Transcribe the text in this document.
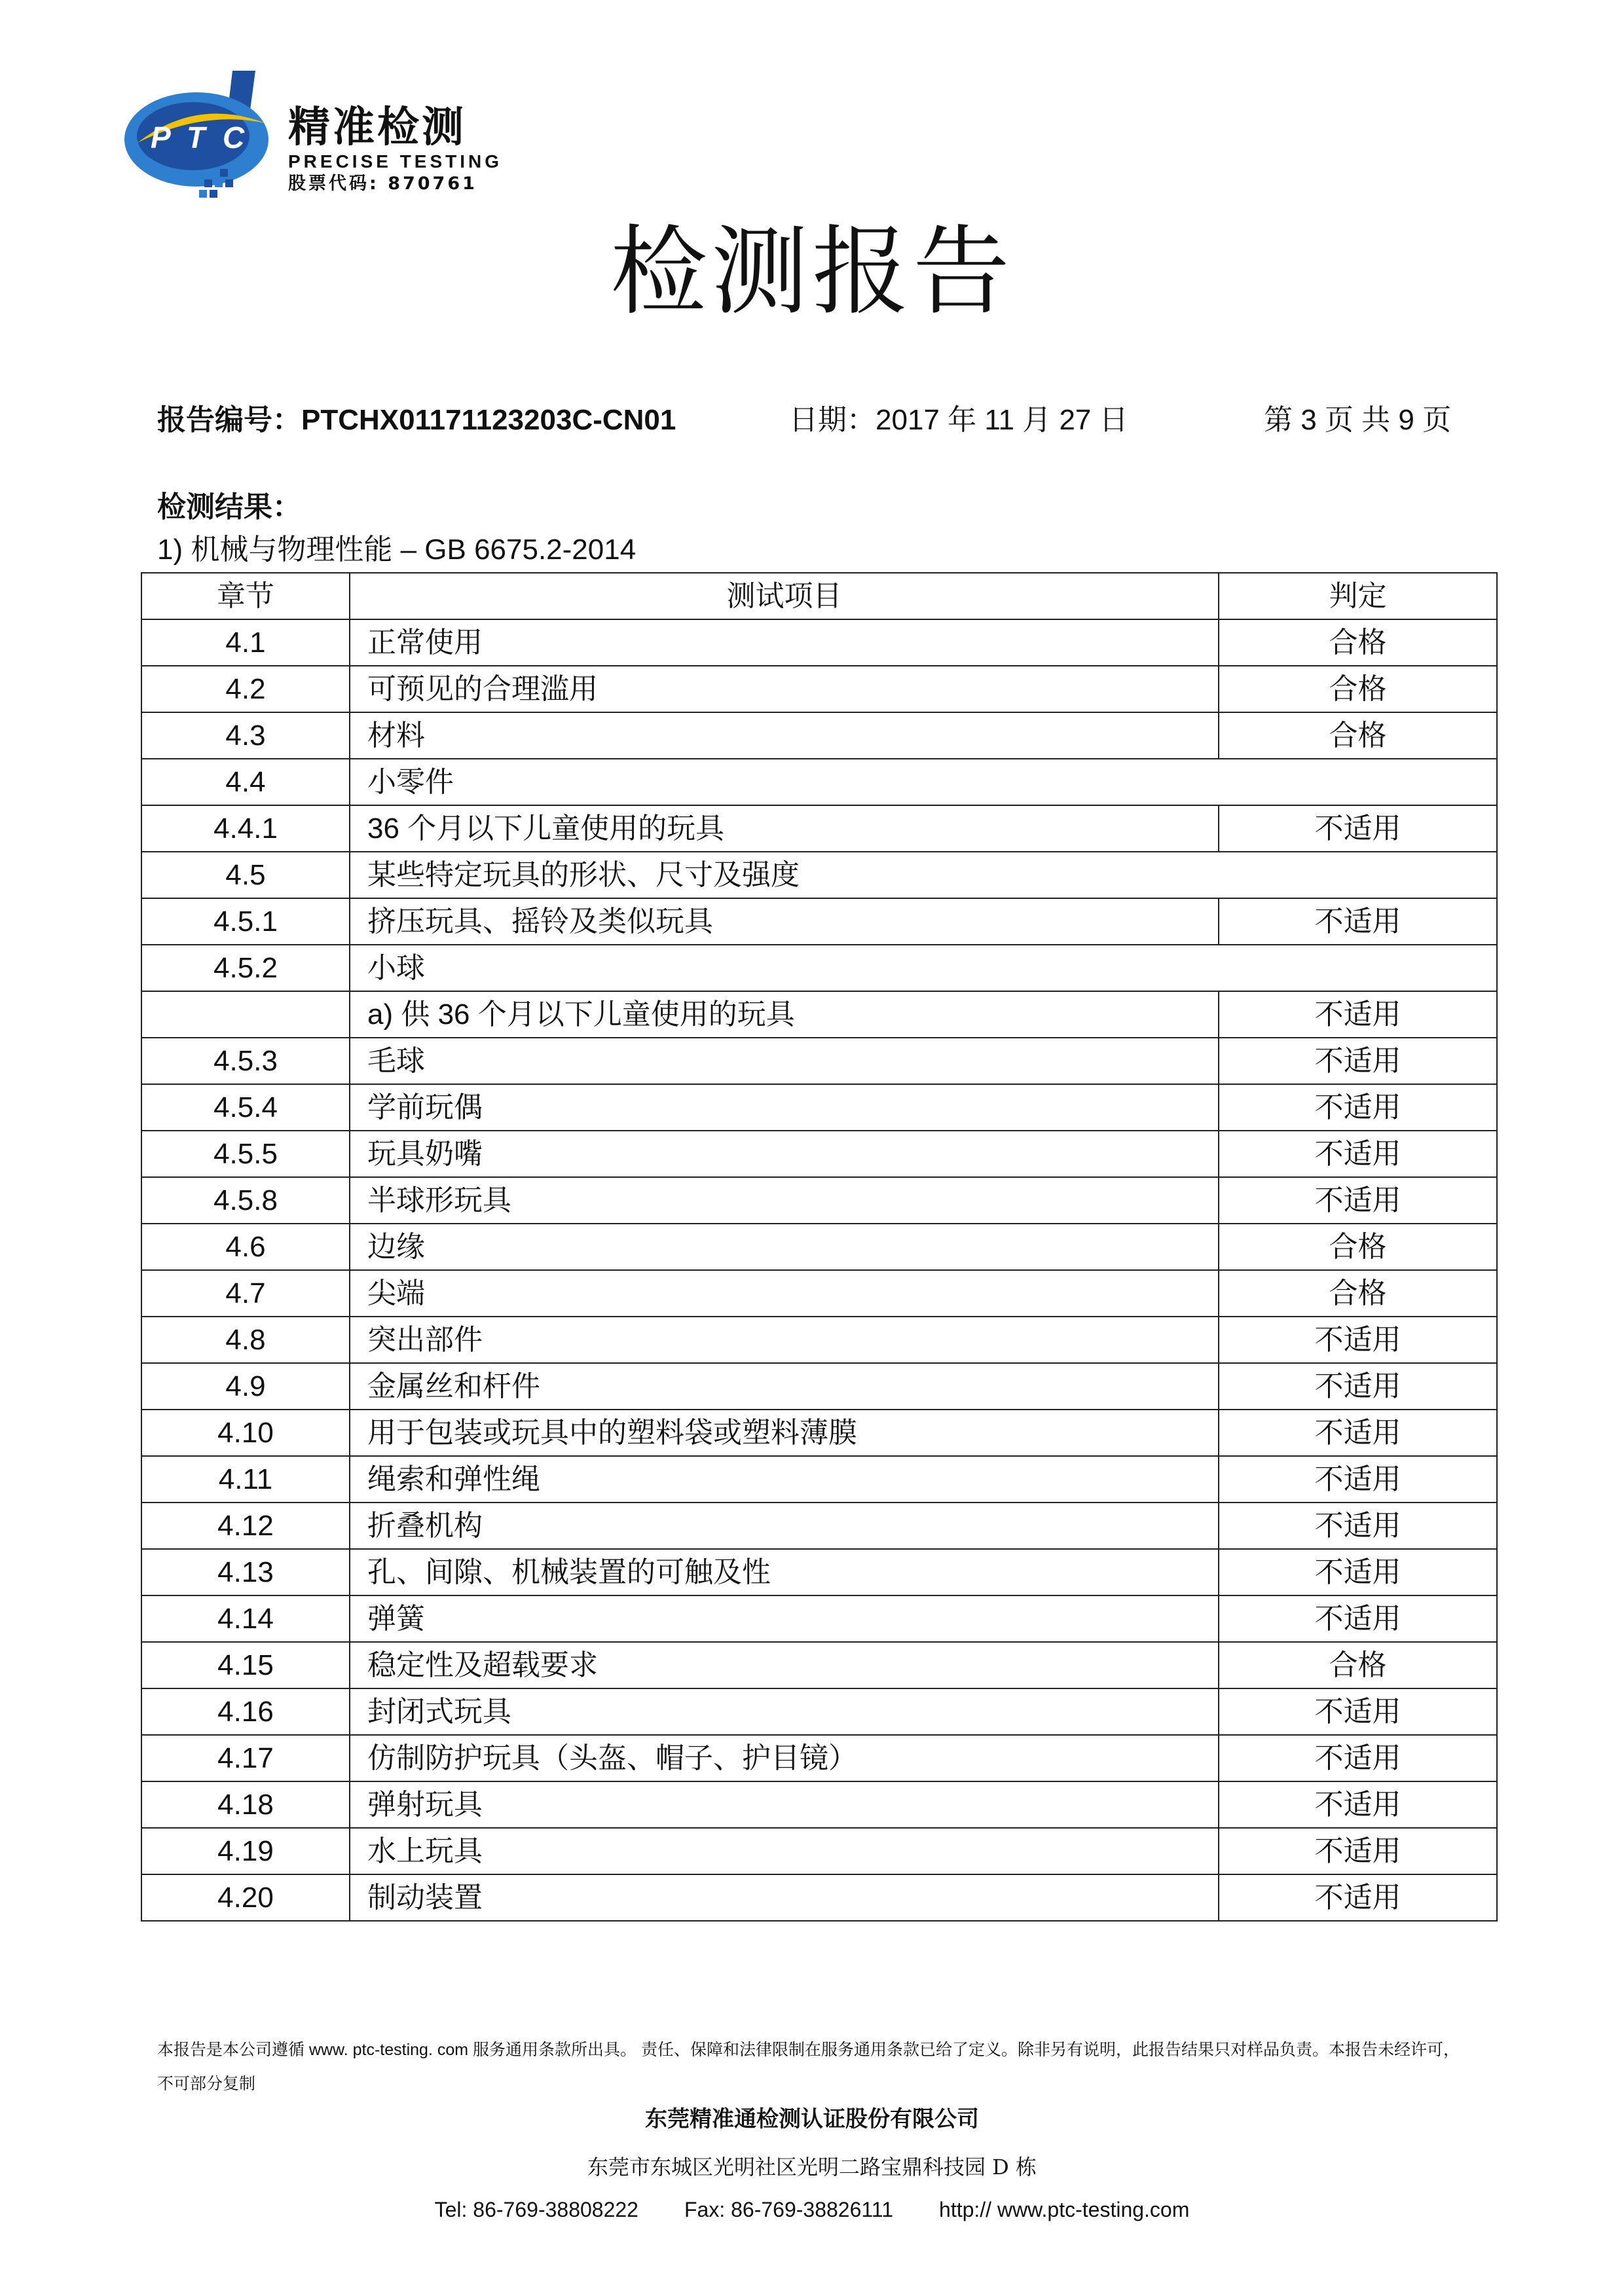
P T C 精准检测
PRECISE TESTING
股票代码: 870761
检测报告
报告编号：PTCHX01171123203C-CN01	日期：2017 年 11 月 27 日	第 3 页 共 9 页
检测结果：
1) 机械与物理性能 – GB 6675.2-2014
章节	测试项目	判定
4.1	正常使用	合格
4.2	可预见的合理滥用	合格
4.3	材料	合格
4.4	小零件	
4.4.1	36 个月以下儿童使用的玩具	不适用
4.5	某些特定玩具的形状、尺寸及强度	
4.5.1	挤压玩具、摇铃及类似玩具	不适用
4.5.2	小球	
	a) 供 36 个月以下儿童使用的玩具	不适用
4.5.3	毛球	不适用
4.5.4	学前玩偶	不适用
4.5.5	玩具奶嘴	不适用
4.5.8	半球形玩具	不适用
4.6	边缘	合格
4.7	尖端	合格
4.8	突出部件	不适用
4.9	金属丝和杆件	不适用
4.10	用于包装或玩具中的塑料袋或塑料薄膜	不适用
4.11	绳索和弹性绳	不适用
4.12	折叠机构	不适用
4.13	孔、间隙、机械装置的可触及性	不适用
4.14	弹簧	不适用
4.15	稳定性及超载要求	合格
4.16	封闭式玩具	不适用
4.17	仿制防护玩具（头盔、帽子、护目镜）	不适用
4.18	弹射玩具	不适用
4.19	水上玩具	不适用
4.20	制动装置	不适用
本报告是本公司遵循 www. ptc-testing. com 服务通用条款所出具。 责任、保障和法律限制在服务通用条款已给了定义。除非另有说明，此报告结果只对样品负责。本报告未经许可， 不可部分复制
东莞精准通检测认证股份有限公司
东莞市东城区光明社区光明二路宝鼎科技园 D 栋
Tel: 86-769-38808222 Fax: 86-769-38826111 http:// www.ptc-testing.com
